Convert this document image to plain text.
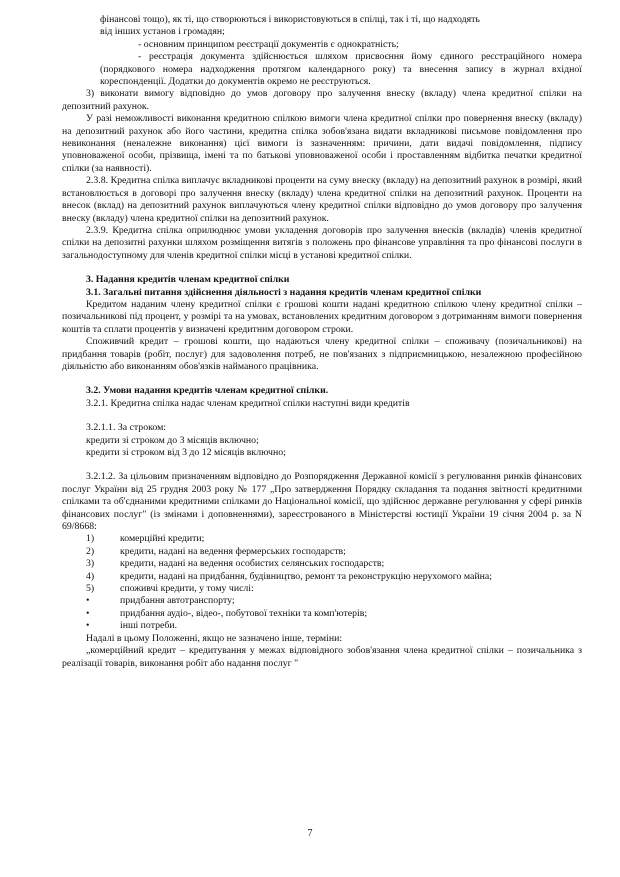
фінансові тощо), як ті, що створюються і використовуються в спілці, так і ті, що надходять

від інших установ і громадян;

- основним принципом реєстрації документів є однократність;

- реєстрація документа здійснюється шляхом присвоєння йому єдиного реєстраційного номера (порядкового номера надходження протягом календарного року) та внесення запису в журнал вхідної кореспонденції. Додатки до документів окремо не реєструються.

3) виконати вимогу відповідно до умов договору про залучення внеску (вкладу) члена кредитної спілки на депозитний рахунок.

У разі неможливості виконання кредитною спілкою вимоги члена кредитної спілки про повернення внеску (вкладу) на депозитний рахунок або його частини, кредитна спілка зобов'язана видати вкладникові письмове повідомлення про невиконання (неналежне виконання) цієї вимоги із зазначенням: причини, дати видачі повідомлення, підпису уповноваженої особи, прізвища, імені та по батькові уповноваженої особи і проставленням відбитка печатки кредитної спілки (за наявності).

2.3.8. Кредитна спілка виплачує вкладникові проценти на суму внеску (вкладу) на депозитний рахунок в розмірі, який встановлюється в договорі про залучення внеску (вкладу) члена кредитної спілки на депозитний рахунок. Проценти на внесок (вклад) на депозитний рахунок виплачуються члену кредитної спілки відповідно до умов договору про залучення внеску (вкладу) члена кредитної спілки на депозитний рахунок.

2.3.9. Кредитна спілка оприлюднює умови укладення договорів про залучення внесків (вкладів) членів кредитної спілки на депозитні рахунки шляхом розміщення витягів з положень про фінансове управління та про фінансові послуги в загальнодоступному для членів кредитної спілки місці в установі кредитної спілки.

3. Надання кредитів членам кредитної спілки

3.1. Загальні питання здійснення діяльності з надання кредитів членам кредитної спілки

Кредитом наданим члену кредитної спілки є грошові кошти надані кредитною спілкою члену кредитної спілки – позичальникові під процент, у розмірі та на умовах, встановлених кредитним договором з дотриманням вимоги повернення коштів та сплати процентів у визначені кредитним договором строки.

Споживчий кредит – грошові кошти, що надаються члену кредитної спілки – споживачу (позичальникові) на придбання товарів (робіт, послуг) для задоволення потреб, не пов'язаних з підприємницькою, незалежною професійною діяльністю або виконанням обов'язків найманого працівника.

3.2. Умови надання кредитів членам кредитної спілки.

3.2.1. Кредитна спілка надає членам кредитної спілки наступні види кредитів

3.2.1.1. За строком:

кредити зі строком до 3 місяців включно;

кредити зі строком від 3 до 12 місяців включно;

3.2.1.2. За цільовим призначенням відповідно до Розпорядження Державної комісії з регулювання ринків фінансових послуг України від 25 грудня 2003 року № 177 „Про затвердження Порядку складання та подання звітності кредитними спілками та об'єднаними кредитними спілками до Національної комісії, що здійснює державне регулювання у сфері ринків фінансових послуг" (із змінами і доповненнями), зареєстрованого в Міністерстві юстиції України 19 січня 2004 р. за N 69/8668:

1)	комерційні кредити;

2)	кредити, надані на ведення фермерських господарств;

3)	кредити, надані на ведення особистих селянських господарств;

4)	кредити, надані на придбання, будівництво, ремонт та реконструкцію нерухомого майна;

5)	споживчі кредити, у тому числі:

•	придбання автотранспорту;

•	придбання аудіо-, відео-, побутової техніки та комп'ютерів;

•	інші потреби.

Надалі в цьому Положенні, якщо не зазначено інше, терміни:

„комерційний кредит – кредитування у межах відповідного зобов'язання члена кредитної спілки – позичальника з реалізації товарів, виконання робіт або надання послуг "

7
